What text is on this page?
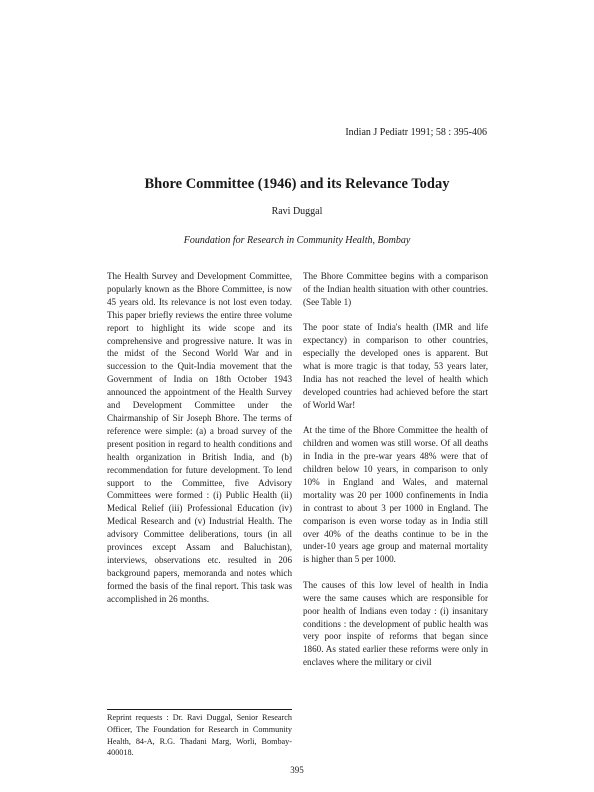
Indian J Pediatr 1991; 58 : 395-406
Bhore Committee (1946) and its Relevance Today
Ravi Duggal
Foundation for Research in Community Health, Bombay

The Health Survey and Development Committee, popularly known as the Bhore Committee, is now 45 years old. Its relevance is not lost even today. This paper briefly reviews the entire three volume report to highlight its wide scope and its comprehensive and progressive nature. It was in the midst of the Second World War and in succession to the Quit-India movement that the Government of India on 18th October 1943 announced the appointment of the Health Survey and Development Committee under the Chairmanship of Sir Joseph Bhore. The terms of reference were simple: (a) a broad survey of the present position in regard to health conditions and health organization in British India, and (b) recommendation for future development. To lend support to the Committee, five Advisory Committees were formed : (i) Public Health (ii) Medical Relief (iii) Professional Education (iv) Medical Research and (v) Industrial Health. The advisory Committee deliberations, tours (in all provinces except Assam and Baluchistan), interviews, observations etc. resulted in 206 background papers, memoranda and notes which formed the basis of the final report. This task was accomplished in 26 months.

The Bhore Committee begins with a comparison of the Indian health situation with other countries. (See Table 1)

The poor state of India's health (IMR and life expectancy) in comparison to other countries, especially the developed ones is apparent. But what is more tragic is that today, 53 years later, India has not reached the level of health which developed countries had achieved before the start of World War!

At the time of the Bhore Committee the health of children and women was still worse. Of all deaths in India in the pre-war years 48% were that of children below 10 years, in comparison to only 10% in England and Wales, and maternal mortality was 20 per 1000 confinements in India in contrast to about 3 per 1000 in England. The comparison is even worse today as in India still over 40% of the deaths continue to be in the under-10 years age group and maternal mortality is higher than 5 per 1000.

The causes of this low level of health in India were the same causes which are responsible for poor health of Indians even today : (i) insanitary conditions : the development of public health was very poor inspite of reforms that began since 1860. As stated earlier these reforms were only in enclaves where the military or civil

Reprint requests : Dr. Ravi Duggal, Senior Research Officer, The Foundation for Research in Community Health, 84-A, R.G. Thadani Marg, Worli, Bombay-400018.

395
